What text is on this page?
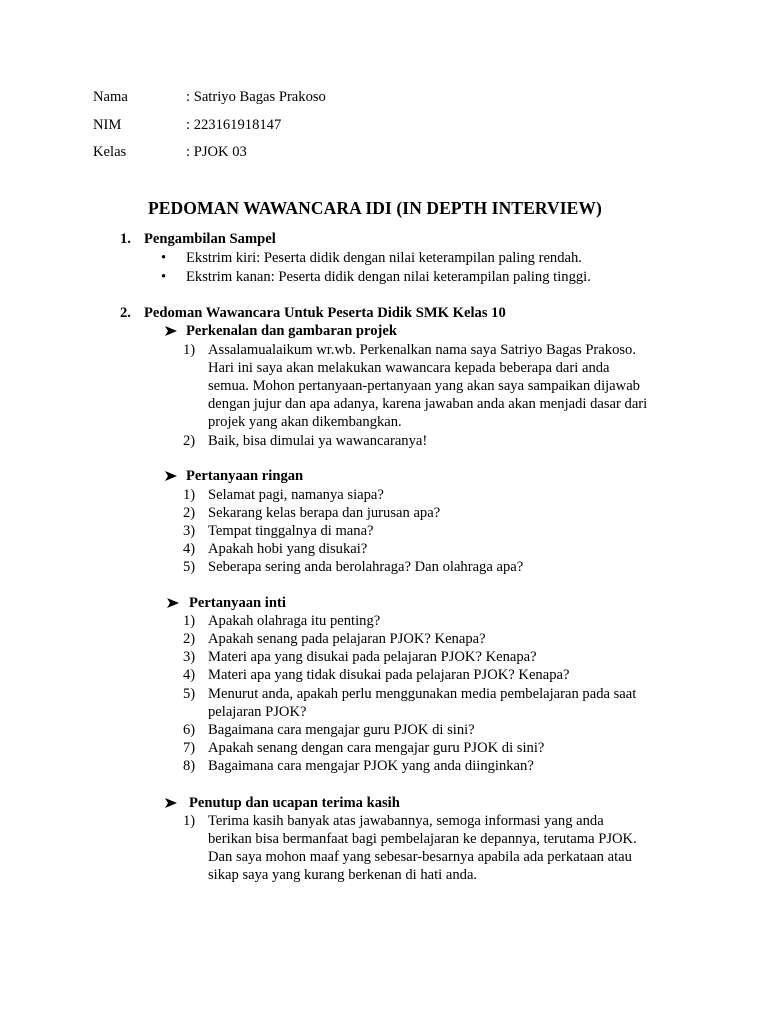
Nama	: Satriyo Bagas Prakoso
NIM	: 223161918147
Kelas	: PJOK 03
PEDOMAN WAWANCARA IDI (IN DEPTH INTERVIEW)
1. Pengambilan Sampel
• Ekstrim kiri: Peserta didik dengan nilai keterampilan paling rendah.
• Ekstrim kanan: Peserta didik dengan nilai keterampilan paling tinggi.
2. Pedoman Wawancara Untuk Peserta Didik SMK Kelas 10
Perkenalan dan gambaran projek
1) Assalamualaikum wr.wb. Perkenalkan nama saya Satriyo Bagas Prakoso.
Hari ini saya akan melakukan wawancara kepada beberapa dari anda
semua. Mohon pertanyaan-pertanyaan yang akan saya sampaikan dijawab
dengan jujur dan apa adanya, karena jawaban anda akan menjadi dasar dari
projek yang akan dikembangkan.
2) Baik, bisa dimulai ya wawancaranya!
Pertanyaan ringan
1) Selamat pagi, namanya siapa?
2) Sekarang kelas berapa dan jurusan apa?
3) Tempat tinggalnya di mana?
4) Apakah hobi yang disukai?
5) Seberapa sering anda berolahraga? Dan olahraga apa?
Pertanyaan inti
1) Apakah olahraga itu penting?
2) Apakah senang pada pelajaran PJOK? Kenapa?
3) Materi apa yang disukai pada pelajaran PJOK? Kenapa?
4) Materi apa yang tidak disukai pada pelajaran PJOK? Kenapa?
5) Menurut anda, apakah perlu menggunakan media pembelajaran pada saat
pelajaran PJOK?
6) Bagaimana cara mengajar guru PJOK di sini?
7) Apakah senang dengan cara mengajar guru PJOK di sini?
8) Bagaimana cara mengajar PJOK yang anda diinginkan?
Penutup dan ucapan terima kasih
1) Terima kasih banyak atas jawabannya, semoga informasi yang anda
berikan bisa bermanfaat bagi pembelajaran ke depannya, terutama PJOK.
Dan saya mohon maaf yang sebesar-besarnya apabila ada perkataan atau
sikap saya yang kurang berkenan di hati anda.
